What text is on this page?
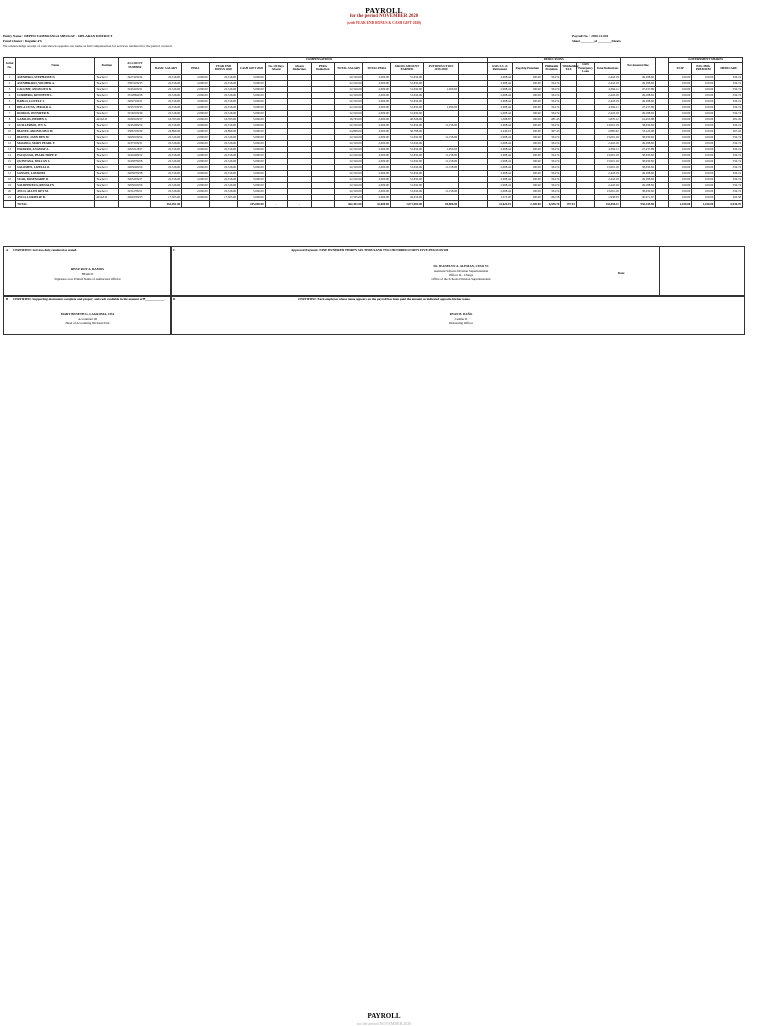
PAYROLL
for the period NOVEMBER 2020
(with YEAR END BONUS & CASH GIFT 2020)
Entity Name : DEPED ZAMBOANGA SIBUGAY - SIPLARAN DISTRICT
Fund Cluster : Regular-FS
We acknowledge receipt of cash shown opposite our name as full compensation for services rendered for the period covered.
Payroll No. : 2020-11-001
Sheet ________of ________Sheets
Serial No.	Name	Position	ACCOUNT NUMBER	COMPENSATIONS												DEDUCTIONS						Net Amount Due		GOVERNMENT SHARES		
				BASIC SALARY	PERA	YEAR END BONUS 2020	CASH GIFT 2020	No. Of Days Absent	Absent Deduction	PERA Deduction	TOTAL SALARY	TOTAL PERA	GROSS AMOUNT EARNED	PUP DEDUCTION 2019-2020		GSIS S.S. & Retirement	Pag-ibig Premium	Philhealth Premium	Withholding TAX	GSIS Emergency Loan	Total Deductions			ECIP	PAG-IBIG PREMIUM	MEDICARE
1	ASENIERO, STEPHANIE N.	Teacher I	3427418234	22,316.00	2,000.00	22,316.00	5,000.00				22,316.00	2,000.00	51,632.00			2,008.44	100.00	334.74			2,443.18	49,188.82		100.00	100.00	334.74
2	ASUMBRADO, WILMER A.	Teacher I	3587418235	22,316.00	2,000.00	22,316.00	5,000.00				22,316.00	2,000.00	51,632.00			2,008.44	100.00	334.74			2,443.18	49,188.82		100.00	100.00	334.74
3	CALUBIT, ANGELITO B.	Teacher I	3245418231	22,316.00	2,000.00	22,316.00	5,000.00				22,316.00	2,000.00	51,632.00	1,950.93		2,008.44	100.00	334.74			4,394.11	47,237.89		100.00	100.00	334.74
4	CORDERO, KENNETH L.	Teacher I	3312864238	22,316.00	2,000.00	22,316.00	5,000.00				22,316.00	2,000.00	51,632.00			2,008.44	100.00	334.74			2,443.18	49,188.82		100.00	100.00	334.74
5	DABLO, LOVELY J.	Teacher I	3264718231	22,316.00	2,000.00	22,316.00	5,000.00				22,316.00	2,000.00	51,632.00			2,008.44	100.00	334.74			2,443.18	49,188.82		100.00	100.00	334.74
6	DELA CUNA, JERALD A.	Teacher I	3235718233	22,316.00	2,000.00	22,316.00	5,000.00				22,316.00	2,000.00	51,632.00	1,950.93		2,008.44	100.00	334.74			4,394.11	47,237.89		100.00	100.00	334.74
7	DOSDOS, JENNIFER B.	Teacher I	3159218239	22,316.00	2,000.00	22,316.00	5,000.00				22,316.00	2,000.00	51,632.00			2,008.44	100.00	334.74			2,443.18	49,188.82		100.00	100.00	334.74
8	GABILOS, HEDIEN S.	ADAS II	3189318237	16,763.00	2,000.00	16,763.00	5,000.00				16,763.00	2,000.00	40,526.00			1,508.67	100.00	281.45			1,870.12	41,455.88		100.00	100.00	281.45
9	GUILLERMO, IVY A.	Teacher I	3245248254	22,316.00	2,000.00	22,316.00	5,000.00				22,316.00	2,000.00	51,632.00	11,158.00		2,008.44	100.00	334.74			13,601.18	38,030.82		100.00	100.00	334.74
10	IBANEZ, ADONIS DEO M.	Teacher II	3586718230	24,899.00	2,000.00	24,899.00	5,000.00				24,899.00	2,000.00	56,798.00			2,240.91	100.00	367.43			2,885.92	53,120.08		100.00	100.00	367.43
11	IBANEZ, JANN BEN M.	Teacher I	3265018254	22,316.00	2,000.00	22,316.00	5,000.00				22,316.00	2,000.00	51,632.00	11,158.00		2,008.44	100.00	334.74			13,601.18	38,030.82		100.00	100.00	334.74
12	MAGPILI, MARY PEARL T.	Teacher I	3237318231	22,316.00	2,000.00	22,316.00	5,000.00				22,316.00	2,000.00	51,632.00			2,008.44	100.00	334.74			2,443.18	49,188.82		100.00	100.00	334.74
13	PAVARRO, ANAMAY A.	Teacher I	3265312837	22,316.00	2,000.00	22,316.00	5,000.00				22,316.00	2,000.00	51,632.00	1,950.93		2,008.44	100.00	334.74			4,394.11	47,237.89		100.00	100.00	334.74
14	PACQUIAO, PEARL HOPE P.	Teacher I	3241648252	22,316.00	2,000.00	22,316.00	5,000.00				22,316.00	2,000.00	51,632.00	11,158.00		2,008.44	100.00	334.74			13,601.18	38,030.82		100.00	100.00	334.74
15	QUINTANA, MILLAN S.	Teacher I	3245878258	22,316.00	2,000.00	22,316.00	5,000.00				22,316.00	2,000.00	51,632.00	11,158.00		2,008.44	100.00	334.74			13,601.18	38,030.82		100.00	100.00	334.74
16	SALOMEN, LIZELIA O.	Teacher I	3265048250	22,316.00	2,000.00	22,316.00	5,000.00				22,316.00	2,000.00	51,632.00	11,158.00		2,008.44	100.00	334.74			13,601.18	38,030.82		100.00	100.00	334.74
17	SANSON, LOURDES	Teacher I	3265978238	22,316.00	2,000.00	22,316.00	5,000.00				22,316.00	2,000.00	51,632.00			2,008.44	100.00	334.74			2,443.18	49,188.82		100.00	100.00	334.74
18	SUAR, ROSEMARIE D.	Teacher I	3265418237	22,316.00	2,000.00	22,316.00	5,000.00				22,316.00	2,000.00	51,632.00			2,008.44	100.00	334.74			2,443.18	49,188.82		100.00	100.00	334.74
19	VALDEHUEZA, RENALYN	Teacher I	3265018256	22,316.00	2,000.00	22,316.00	5,000.00				22,316.00	2,000.00	51,632.00			2,008.44	100.00	334.74			2,443.18	49,188.82		100.00	100.00	334.74
20	AYCO, ALLEN REY M.	Teacher I	3231278251	22,316.00	2,000.00	22,316.00	5,000.00				22,316.00	2,000.00	51,632.00	11,158.00		2,008.44	100.00	334.74			13,601.18	38,030.82		100.00	100.00	334.74
21	AYCO, LORIELIE B.	ADAS II	3264378235	17,505.00	2,000.00	17,505.00	5,000.00				17,505.00	2,000.00	42,010.00			1,575.45	100.00	262.58			1,938.03	40,071.97		100.00	100.00	262.58
	TOTAL			462,491.00			105,000.00	-	-		462,491.00	42,000.00	1,071,982.00	84,808.00		41,624.19	2,100.00	6,936.70	197.94		135,656.11	936,245.89		2,100.00	2,100.00	6,936.70
A CERTIFIED: Services duly rendered as stated.
RENZ ROY A. RAMOS
HEAD II
Signature over Printed Name of Authorized Official
C	Approved Payment: NINE HUNDRED THIRTY SIX THOUSAND TWO HUNDRED FORTY FIVE PESOS 89/100
Dr. JEANELYN A. ALEMAN, CESO VI
Assistant Schools Division Superintendent
Officer In - Charge
Office of the Schools Division Superintendent
Date
B CERTIFIED: Supporting documents complete and proper; and cash available in the amount of ₱____________.
MARY BENETH G. LAGROMA, CPA
Accountant III
Head of Accounting Division/Unit
D	CERTIFIED: Each employee whose name appears on the payroll has been paid the amount as indicated opposite his/her name.
RYAN B. DAÑO
Cashier II
Disbursing Officer
PAYROLL
for the period NOVEMBER 2020
